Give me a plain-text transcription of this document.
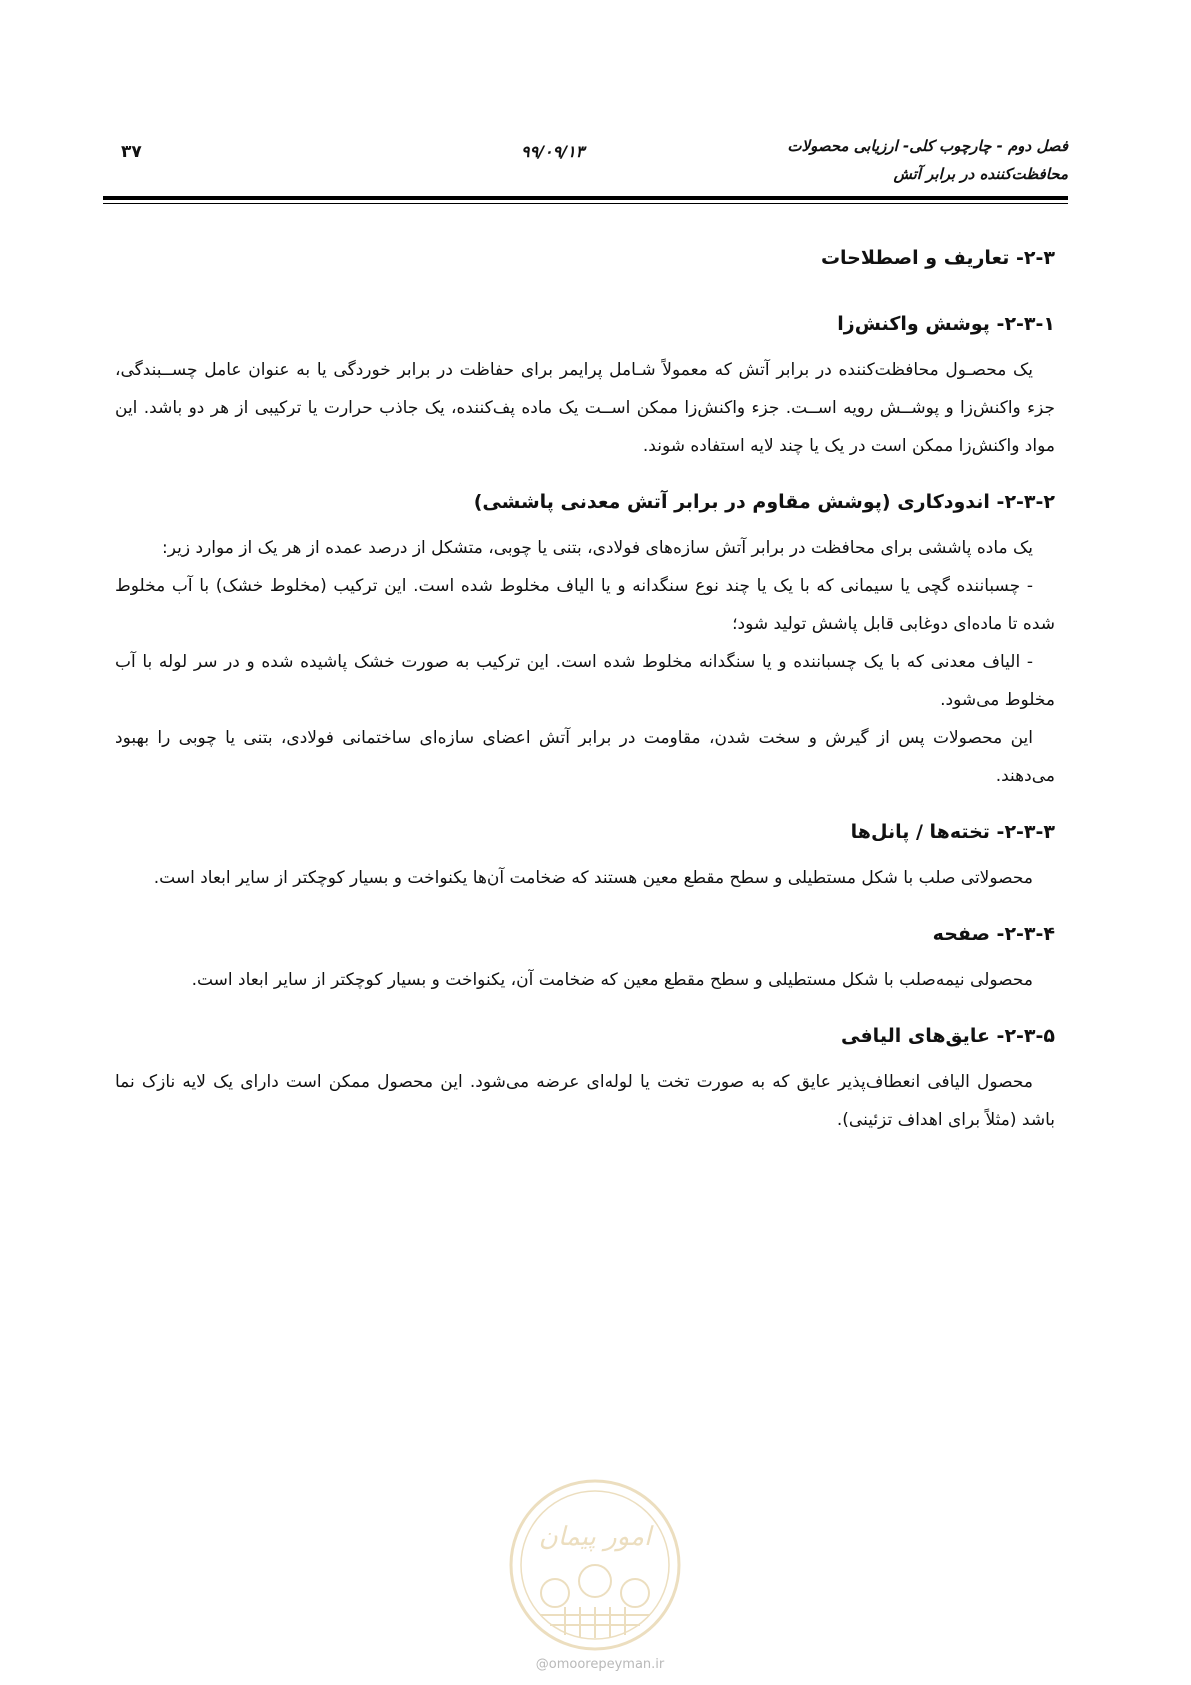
فصل دوم - چارچوب کلی- ارزیابی محصولات
محافظت‌کننده در برابر آتش
۹۹/۰۹/۱۳
۳۷
۲-۳- تعاریف و اصطلاحات
۲-۳-۱- پوشش واکنش‌زا

یک محصـول محافظت‌کننده در برابر آتش که معمولاً شـامل پرایمر برای حفاظت در برابر خوردگی یا به عنوان عامل چســبندگی، جزء واکنش‌زا و پوشــش رویه اســت. جزء واکنش‌زا ممکن اســت یک ماده پف‌کننده، یک جاذب حرارت یا ترکیبی از هر دو باشد. این مواد واکنش‌زا ممکن است در یک یا چند لایه استفاده شوند.

۲-۳-۲- اندودکاری (پوشش مقاوم در برابر آتش معدنی پاششی)

یک ماده پاششی برای محافظت در برابر آتش سازه‌های فولادی، بتنی یا چوبی، متشکل از درصد عمده از هر یک از موارد زیر:

- چسباننده گچی یا سیمانی که با یک یا چند نوع سنگدانه و یا الیاف مخلوط شده است. این ترکیب (مخلوط خشک) با آب مخلوط شده تا ماده‌ای دوغابی قابل پاشش تولید شود؛

- الیاف معدنی که با یک چسباننده و یا سنگدانه مخلوط شده است. این ترکیب به صورت خشک پاشیده شده و در سر لوله با آب مخلوط می‌شود.

این محصولات پس از گیرش و سخت شدن، مقاومت در برابر آتش اعضای سازه‌ای ساختمانی فولادی، بتنی یا چوبی را بهبود می‌دهند.

۲-۳-۳- تخته‌ها / پانل‌ها

محصولاتی صلب با شکل مستطیلی و سطح مقطع معین هستند که ضخامت آن‌ها یکنواخت و بسیار کوچکتر از سایر ابعاد است.

۲-۳-۴- صفحه

محصولی نیمه‌صلب با شکل مستطیلی و سطح مقطع معین که ضخامت آن، یکنواخت و بسیار کوچکتر از سایر ابعاد است.

۲-۳-۵- عایق‌های الیافی

محصول الیافی انعطاف‌پذیر عایق که به صورت تخت یا لوله‌ای عرضه می‌شود. این محصول ممکن است دارای یک لایه نازک نما باشد (مثلاً برای اهداف تزئینی).

امور پیمان
@omoorepeyman.ir
